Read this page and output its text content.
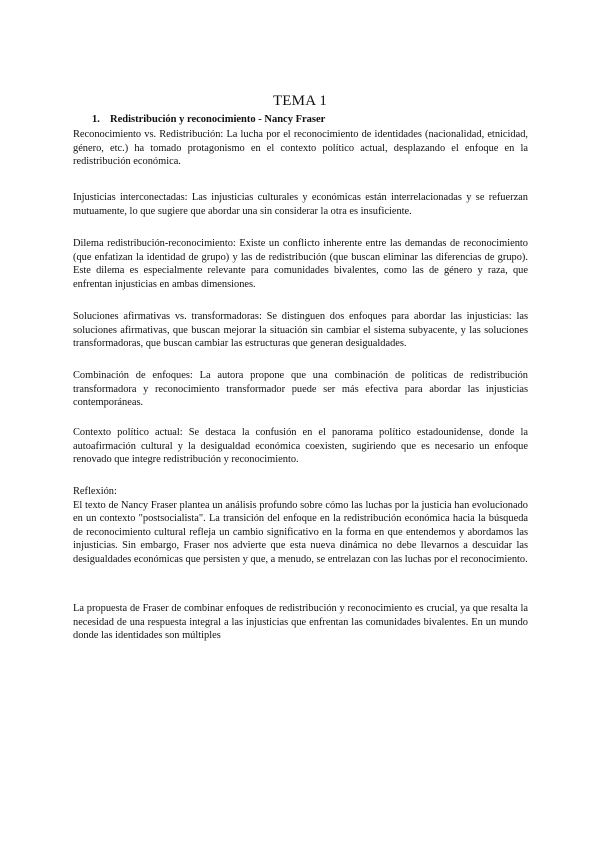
TEMA 1
1. Redistribución y reconocimiento - Nancy Fraser

Reconocimiento vs. Redistribución: La lucha por el reconocimiento de identidades (nacionalidad, etnicidad, género, etc.) ha tomado protagonismo en el contexto político actual, desplazando el enfoque en la redistribución económica.

Injusticias interconectadas: Las injusticias culturales y económicas están interrelacionadas y se refuerzan mutuamente, lo que sugiere que abordar una sin considerar la otra es insuficiente.

Dilema redistribución-reconocimiento: Existe un conflicto inherente entre las demandas de reconocimiento (que enfatizan la identidad de grupo) y las de redistribución (que buscan eliminar las diferencias de grupo). Este dilema es especialmente relevante para comunidades bivalentes, como las de género y raza, que enfrentan injusticias en ambas dimensiones.

Soluciones afirmativas vs. transformadoras: Se distinguen dos enfoques para abordar las injusticias: las soluciones afirmativas, que buscan mejorar la situación sin cambiar el sistema subyacente, y las soluciones transformadoras, que buscan cambiar las estructuras que generan desigualdades.

Combinación de enfoques: La autora propone que una combinación de políticas de redistribución transformadora y reconocimiento transformador puede ser más efectiva para abordar las injusticias contemporáneas.

Contexto político actual: Se destaca la confusión en el panorama político estadounidense, donde la autoafirmación cultural y la desigualdad económica coexisten, sugiriendo que es necesario un enfoque renovado que integre redistribución y reconocimiento.

Reflexión:

El texto de Nancy Fraser plantea un análisis profundo sobre cómo las luchas por la justicia han evolucionado en un contexto "postsocialista". La transición del enfoque en la redistribución económica hacia la búsqueda de reconocimiento cultural refleja un cambio significativo en la forma en que entendemos y abordamos las injusticias. Sin embargo, Fraser nos advierte que esta nueva dinámica no debe llevarnos a descuidar las desigualdades económicas que persisten y que, a menudo, se entrelazan con las luchas por el reconocimiento.

La propuesta de Fraser de combinar enfoques de redistribución y reconocimiento es crucial, ya que resalta la necesidad de una respuesta integral a las injusticias que enfrentan las comunidades bivalentes. En un mundo donde las identidades son múltiples
